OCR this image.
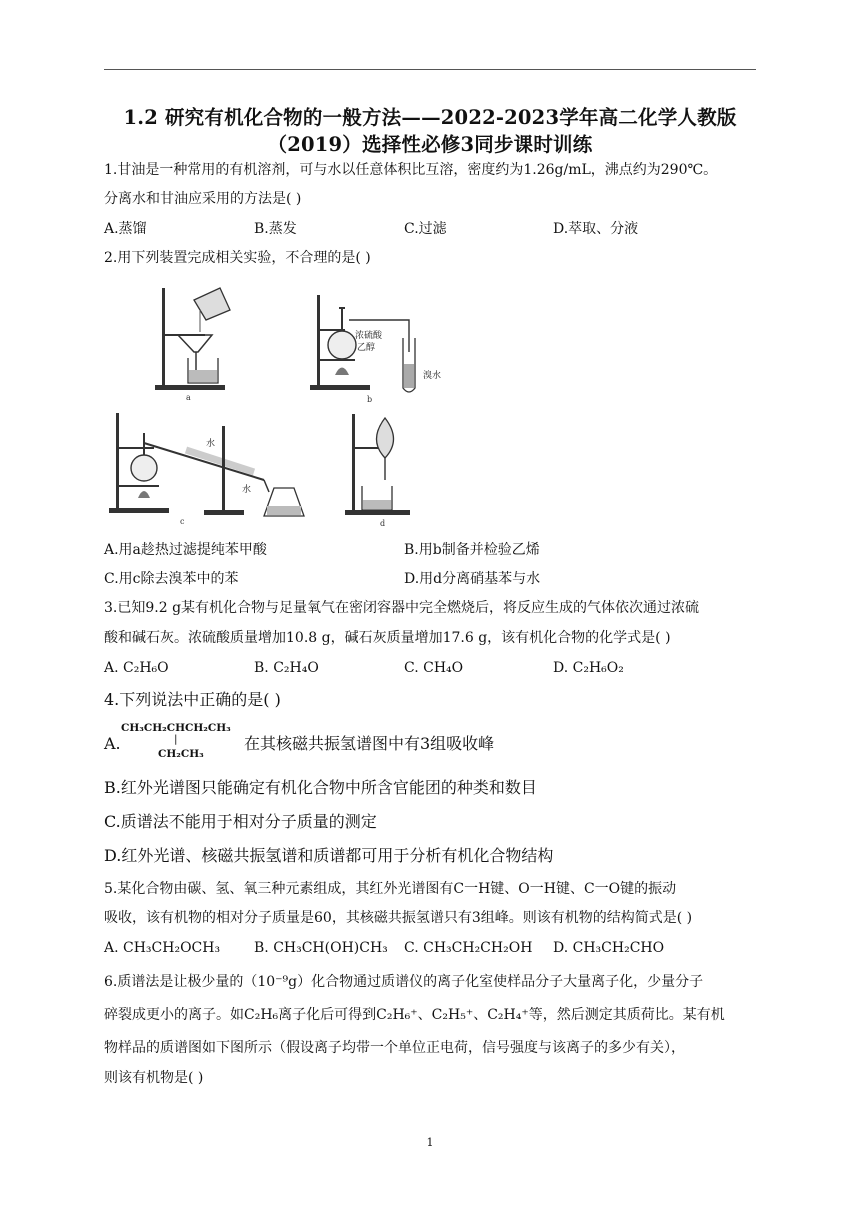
1.2 研究有机化合物的一般方法——2022-2023学年高二化学人教版
（2019）选择性必修3同步课时训练
1.甘油是一种常用的有机溶剂，可与水以任意体积比互溶，密度约为1.26g/mL，沸点约为290℃。
分离水和甘油应采用的方法是( )
A.蒸馏	B.蒸发	C.过滤	D.萃取、分液
2.用下列装置完成相关实验，不合理的是( )
a
浓硫酸
乙醇
溴水
b
水
水
c	d
A.用a趁热过滤提纯苯甲酸	B.用b制备并检验乙烯
C.用c除去溴苯中的苯	D.用d分离硝基苯与水
3.已知9.2 g某有机化合物与足量氧气在密闭容器中完全燃烧后，将反应生成的气体依次通过浓硫
酸和碱石灰。浓硫酸质量增加10.8 g，碱石灰质量增加17.6 g，该有机化合物的化学式是( )
A. C₂H₆O	B. C₂H₄O	C. CH₄O	D. C₂H₆O₂
4.下列说法中正确的是( )
A.
CH₃CH₂CHCH₂CH₃
|
CH₂CH₃
在其核磁共振氢谱图中有3组吸收峰
B.红外光谱图只能确定有机化合物中所含官能团的种类和数目
C.质谱法不能用于相对分子质量的测定
D.红外光谱、核磁共振氢谱和质谱都可用于分析有机化合物结构
5.某化合物由碳、氢、氧三种元素组成，其红外光谱图有C一H键、O一H键、C一O键的振动
吸收，该有机物的相对分子质量是60，其核磁共振氢谱只有3组峰。则该有机物的结构简式是( )
A. CH₃CH₂OCH₃ B. CH₃CH(OH)CH₃ C. CH₃CH₂CH₂OH D. CH₃CH₂CHO
6.质谱法是让极少量的（10⁻⁹g）化合物通过质谱仪的离子化室使样品分子大量离子化，少量分子
碎裂成更小的离子。如C₂H₆离子化后可得到C₂H₆⁺、C₂H₅⁺、C₂H₄⁺等，然后测定其质荷比。某有机
物样品的质谱图如下图所示（假设离子均带一个单位正电荷，信号强度与该离子的多少有关），
则该有机物是( )
1
